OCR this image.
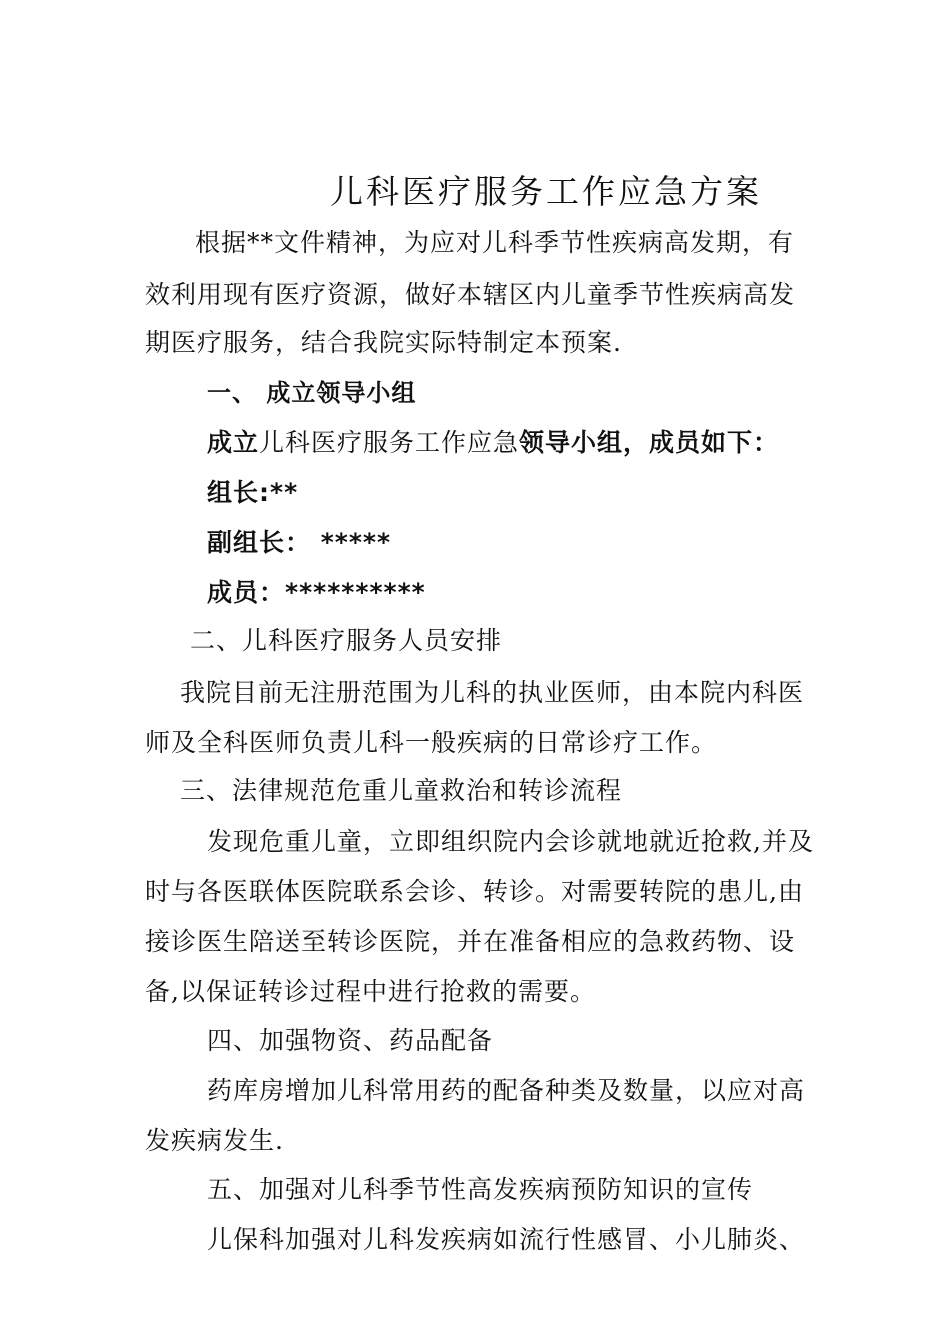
儿科医疗服务工作应急方案
根据**文件精神，为应对儿科季节性疾病高发期，有
效利用现有医疗资源，做好本辖区内儿童季节性疾病高发
期医疗服务，结合我院实际特制定本预案.
一、 成立领导小组
成立儿科医疗服务工作应急领导小组，成员如下：
组长:**
副组长： *****
成员：**********
二、儿科医疗服务人员安排
我院目前无注册范围为儿科的执业医师，由本院内科医
师及全科医师负责儿科一般疾病的日常诊疗工作。
三、法律规范危重儿童救治和转诊流程
发现危重儿童，立即组织院内会诊就地就近抢救,并及
时与各医联体医院联系会诊、转诊。对需要转院的患儿,由
接诊医生陪送至转诊医院，并在准备相应的急救药物、设
备,以保证转诊过程中进行抢救的需要。
四、加强物资、药品配备
药库房增加儿科常用药的配备种类及数量，以应对高
发疾病发生.
五、加强对儿科季节性高发疾病预防知识的宣传
儿保科加强对儿科发疾病如流行性感冒、小儿肺炎、
